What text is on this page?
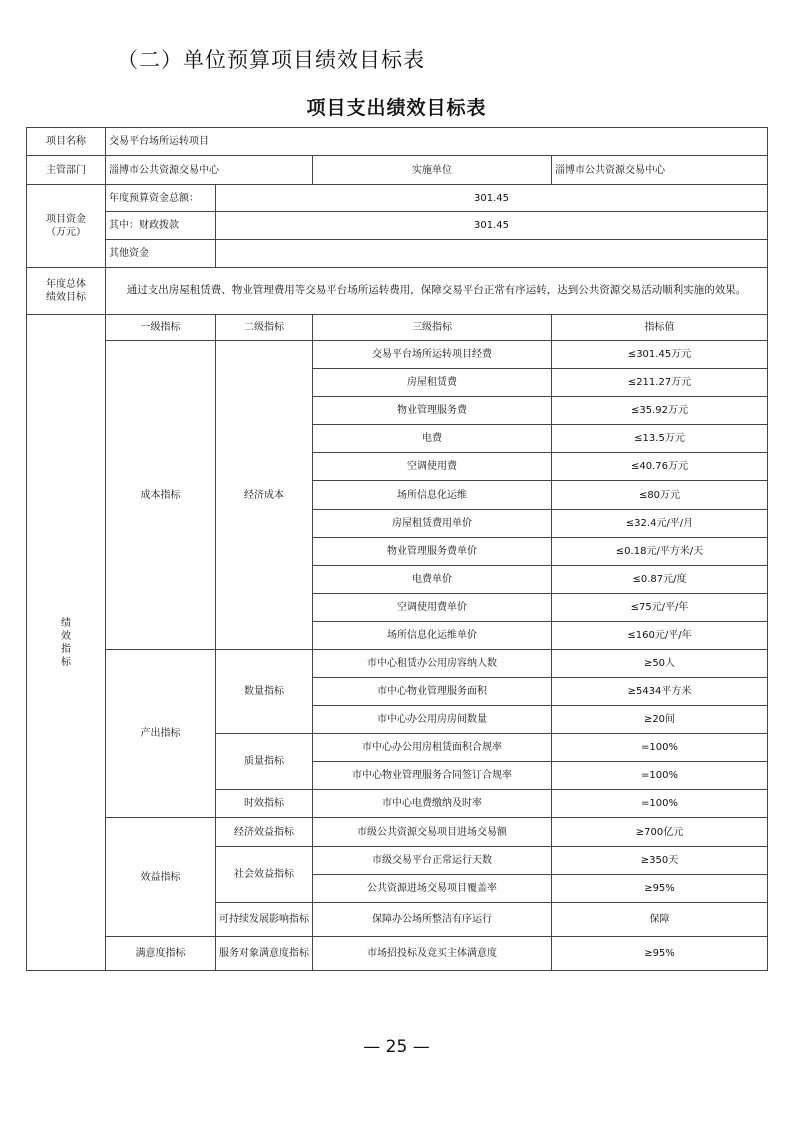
（二）单位预算项目绩效目标表
项目支出绩效目标表
项目名称	交易平台场所运转项目			
主管部门	淄博市公共资源交易中心		实施单位	淄博市公共资源交易中心

项目资金
（万元）	年度预算资金总额：	301.45		
	其中：财政拨款	301.45		
	其他资金			

年度总体
绩效目标	通过支出房屋租赁费、物业管理费用等交易平台场所运转费用，保障交易平台正常有序运转，达到公共资源交易活动顺利实施的效果。			

绩
效
指
标	一级指标	二级指标	三级指标	指标值
	成本指标	经济成本	交易平台场所运转项目经费	≤301.45万元
			房屋租赁费	≤211.27万元
			物业管理服务费	≤35.92万元
			电费	≤13.5万元
			空调使用费	≤40.76万元
			场所信息化运维	≤80万元
			房屋租赁费用单价	≤32.4元/平/月
			物业管理服务费单价	≤0.18元/平方米/天
			电费单价	≤0.87元/度
			空调使用费单价	≤75元/平/年
			场所信息化运维单价	≤160元/平/年
	产出指标	数量指标	市中心租赁办公用房容纳人数	≥50人
			市中心物业管理服务面积	≥5434平方米
			市中心办公用房房间数量	≥20间
		质量指标	市中心办公用房租赁面积合规率	=100%
			市中心物业管理服务合同签订合规率	=100%
		时效指标	市中心电费缴纳及时率	=100%
	效益指标	经济效益指标	市级公共资源交易项目进场交易额	≥700亿元
		社会效益指标	市级交易平台正常运行天数	≥350天
			公共资源进场交易项目覆盖率	≥95%
		可持续发展影响指标	保障办公场所整洁有序运行	保障
	满意度指标	服务对象满意度指标	市场招投标及竞买主体满意度	≥95%
— 25 —
